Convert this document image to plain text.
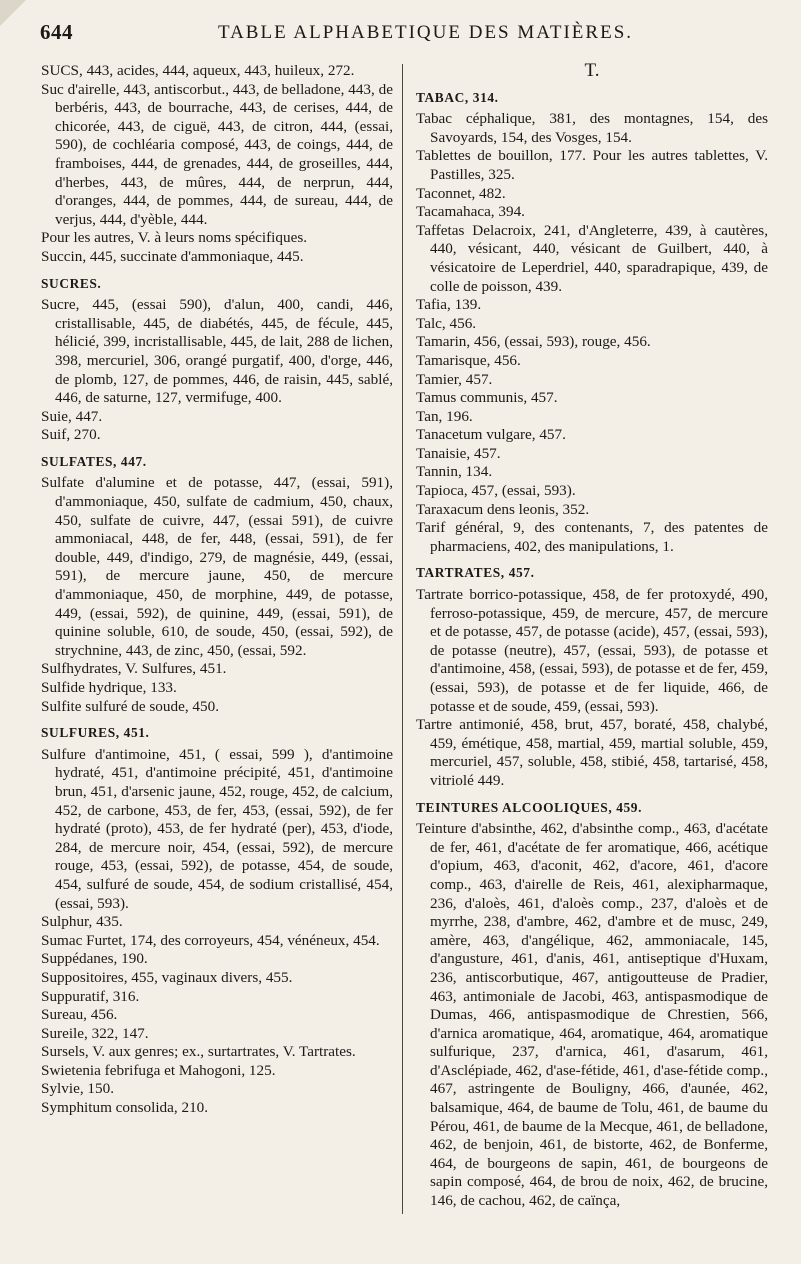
644	TABLE ALPHABETIQUE DES MATIÈRES.

SUCS, 443, acides, 444, aqueux, 443, huileux, 272.

Suc d'airelle, 443, antiscorbut., 443, de belladone, 443, de berbéris, 443, de bourrache, 443, de cerises, 444, de chicorée, 443, de ciguë, 443, de citron, 444, (essai, 590), de cochléaria composé, 443, de coings, 444, de framboises, 444, de grenades, 444, de groseilles, 444, d'herbes, 443, de mûres, 444, de nerprun, 444, d'oranges, 444, de pommes, 444, de sureau, 444, de verjus, 444, d'yèble, 444.

Pour les autres, V. à leurs noms spécifiques.

Succin, 445, succinate d'ammoniaque, 445.

SUCRES.

Sucre, 445, (essai 590), d'alun, 400, candi, 446, cristallisable, 445, de diabétés, 445, de fécule, 445, hélicié, 399, incristallisable, 445, de lait, 288 de lichen, 398, mercuriel, 306, orangé purgatif, 400, d'orge, 446, de plomb, 127, de pommes, 446, de raisin, 445, sablé, 446, de saturne, 127, vermifuge, 400.

Suie, 447.

Suif, 270.

SULFATES, 447.

Sulfate d'alumine et de potasse, 447, (essai, 591), d'ammoniaque, 450, sulfate de cadmium, 450, chaux, 450, sulfate de cuivre, 447, (essai 591), de cuivre ammoniacal, 448, de fer, 448, (essai, 591), de fer double, 449, d'indigo, 279, de magnésie, 449, (essai, 591), de mercure jaune, 450, de mercure d'ammoniaque, 450, de morphine, 449, de potasse, 449, (essai, 592), de quinine, 449, (essai, 591), de quinine soluble, 610, de soude, 450, (essai, 592), de strychnine, 443, de zinc, 450, (essai, 592.

Sulfhydrates, V. Sulfures, 451.

Sulfide hydrique, 133.

Sulfite sulfuré de soude, 450.

SULFURES, 451.

Sulfure d'antimoine, 451, ( essai, 599 ), d'antimoine hydraté, 451, d'antimoine précipité, 451, d'antimoine brun, 451, d'arsenic jaune, 452, rouge, 452, de calcium, 452, de carbone, 453, de fer, 453, (essai, 592), de fer hydraté (proto), 453, de fer hydraté (per), 453, d'iode, 284, de mercure noir, 454, (essai, 592), de mercure rouge, 453, (essai, 592), de potasse, 454, de soude, 454, sulfuré de soude, 454, de sodium cristallisé, 454, (essai, 593).

Sulphur, 435.

Sumac Furtet, 174, des corroyeurs, 454, vénéneux, 454.

Suppédanes, 190.

Suppositoires, 455, vaginaux divers, 455.

Suppuratif, 316.

Sureau, 456.

Sureile, 322, 147.

Sursels, V. aux genres; ex., surtartrates, V. Tartrates.

Swietenia febrifuga et Mahogoni, 125.

Sylvie, 150.

Symphitum consolida, 210.

T.
TABAC, 314.

Tabac céphalique, 381, des montagnes, 154, des Savoyards, 154, des Vosges, 154.

Tablettes de bouillon, 177. Pour les autres tablettes, V. Pastilles, 325.

Taconnet, 482.

Tacamahaca, 394.

Taffetas Delacroix, 241, d'Angleterre, 439, à cautères, 440, vésicant, 440, vésicant de Guilbert, 440, à vésicatoire de Leperdriel, 440, sparadrapique, 439, de colle de poisson, 439.

Tafia, 139.

Talc, 456.

Tamarin, 456, (essai, 593), rouge, 456.

Tamarisque, 456.

Tamier, 457.

Tamus communis, 457.

Tan, 196.

Tanacetum vulgare, 457.

Tanaisie, 457.

Tannin, 134.

Tapioca, 457, (essai, 593).

Taraxacum dens leonis, 352.

Tarif général, 9, des contenants, 7, des patentes de pharmaciens, 402, des manipulations, 1.

TARTRATES, 457.

Tartrate borrico-potassique, 458, de fer protoxydé, 490, ferroso-potassique, 459, de mercure, 457, de mercure et de potasse, 457, de potasse (acide), 457, (essai, 593), de potasse (neutre), 457, (essai, 593), de potasse et d'antimoine, 458, (essai, 593), de potasse et de fer, 459, (essai, 593), de potasse et de fer liquide, 466, de potasse et de soude, 459, (essai, 593).

Tartre antimonié, 458, brut, 457, boraté, 458, chalybé, 459, émétique, 458, martial, 459, martial soluble, 459, mercuriel, 457, soluble, 458, stibié, 458, tartarisé, 458, vitriolé 449.

TEINTURES ALCOOLIQUES, 459.

Teinture d'absinthe, 462, d'absinthe comp., 463, d'acétate de fer, 461, d'acétate de fer aromatique, 466, acétique d'opium, 463, d'aconit, 462, d'acore, 461, d'acore comp., 463, d'airelle de Reis, 461, alexipharmaque, 236, d'aloès, 461, d'aloès comp., 237, d'aloès et de myrrhe, 238, d'ambre, 462, d'ambre et de musc, 249, amère, 463, d'angélique, 462, ammoniacale, 145, d'angusture, 461, d'anis, 461, antiseptique d'Huxam, 236, antiscorbutique, 467, antigoutteuse de Pradier, 463, antimoniale de Jacobi, 463, antispasmodique de Dumas, 466, antispasmodique de Chrestien, 566, d'arnica aromatique, 464, aromatique, 464, aromatique sulfurique, 237, d'arnica, 461, d'asarum, 461, d'Asclépiade, 462, d'ase-fétide, 461, d'ase-fétide comp., 467, astringente de Bouligny, 466, d'aunée, 462, balsamique, 464, de baume de Tolu, 461, de baume du Pérou, 461, de baume de la Mecque, 461, de belladone, 462, de benjoin, 461, de bistorte, 462, de Bonferme, 464, de bourgeons de sapin, 461, de bourgeons de sapin composé, 464, de brou de noix, 462, de brucine, 146, de cachou, 462, de caïnça,
